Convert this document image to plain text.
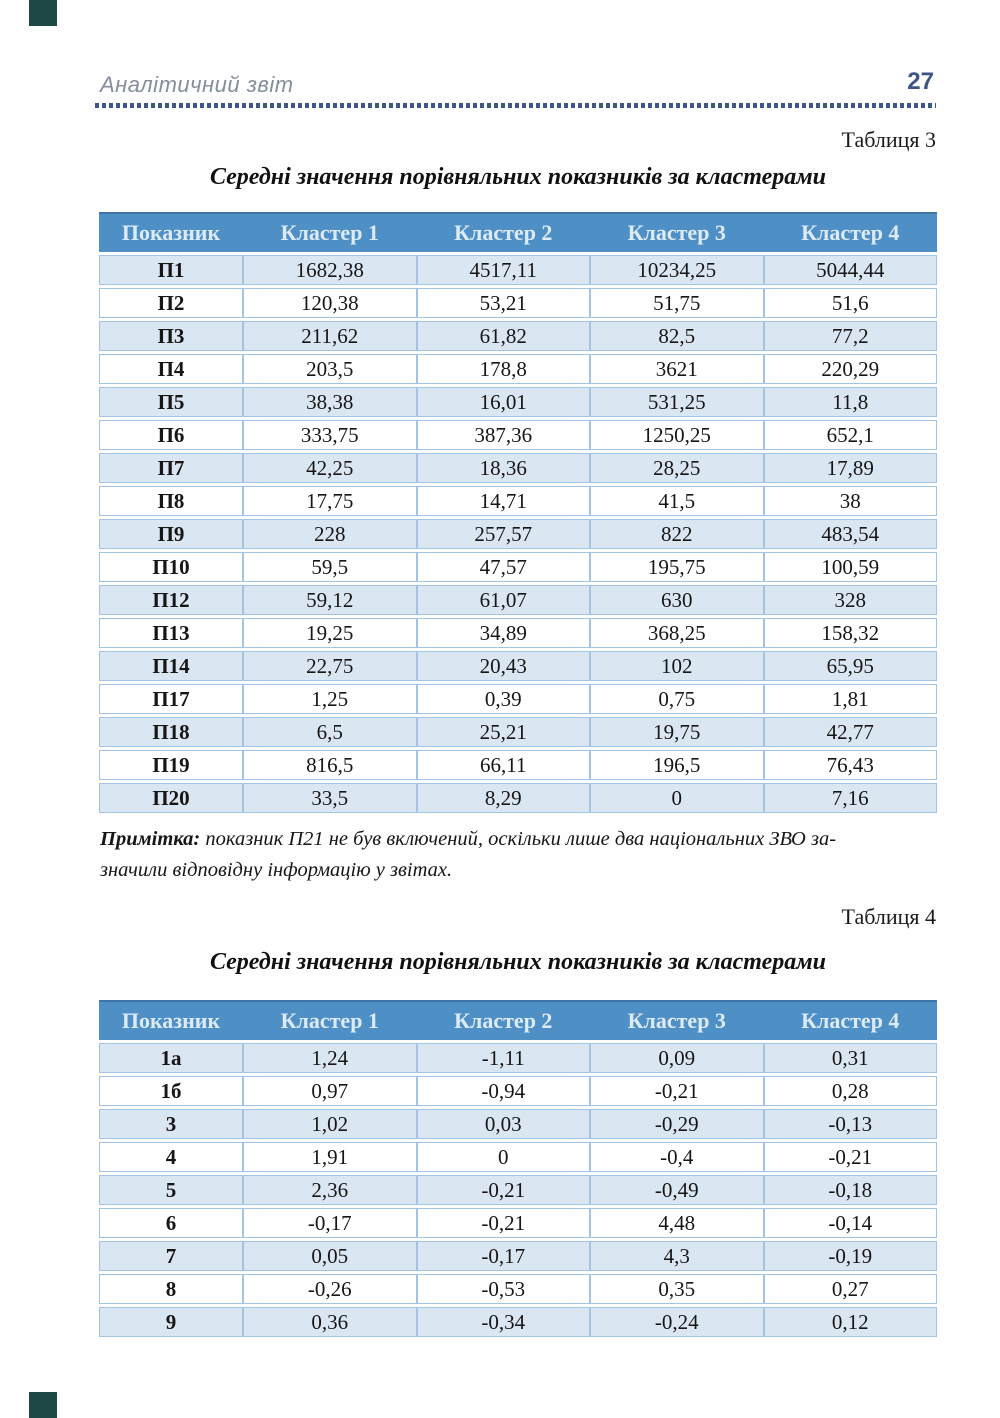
Аналітичний звіт	27
Таблиця 3
Середні значення порівняльних показників за кластерами
Показник	Кластер 1	Кластер 2	Кластер 3	Кластер 4
П1	1682,38	4517,11	10234,25	5044,44
П2	120,38	53,21	51,75	51,6
П3	211,62	61,82	82,5	77,2
П4	203,5	178,8	3621	220,29
П5	38,38	16,01	531,25	11,8
П6	333,75	387,36	1250,25	652,1
П7	42,25	18,36	28,25	17,89
П8	17,75	14,71	41,5	38
П9	228	257,57	822	483,54
П10	59,5	47,57	195,75	100,59
П12	59,12	61,07	630	328
П13	19,25	34,89	368,25	158,32
П14	22,75	20,43	102	65,95
П17	1,25	0,39	0,75	1,81
П18	6,5	25,21	19,75	42,77
П19	816,5	66,11	196,5	76,43
П20	33,5	8,29	0	7,16
Примітка: показник П21 не був включений, оскільки лише два національних ЗВО за-
значили відповідну інформацію у звітах.
Таблиця 4
Середні значення порівняльних показників за кластерами
Показник	Кластер 1	Кластер 2	Кластер 3	Кластер 4
1а	1,24	-1,11	0,09	0,31
1б	0,97	-0,94	-0,21	0,28
3	1,02	0,03	-0,29	-0,13
4	1,91	0	-0,4	-0,21
5	2,36	-0,21	-0,49	-0,18
6	-0,17	-0,21	4,48	-0,14
7	0,05	-0,17	4,3	-0,19
8	-0,26	-0,53	0,35	0,27
9	0,36	-0,34	-0,24	0,12
